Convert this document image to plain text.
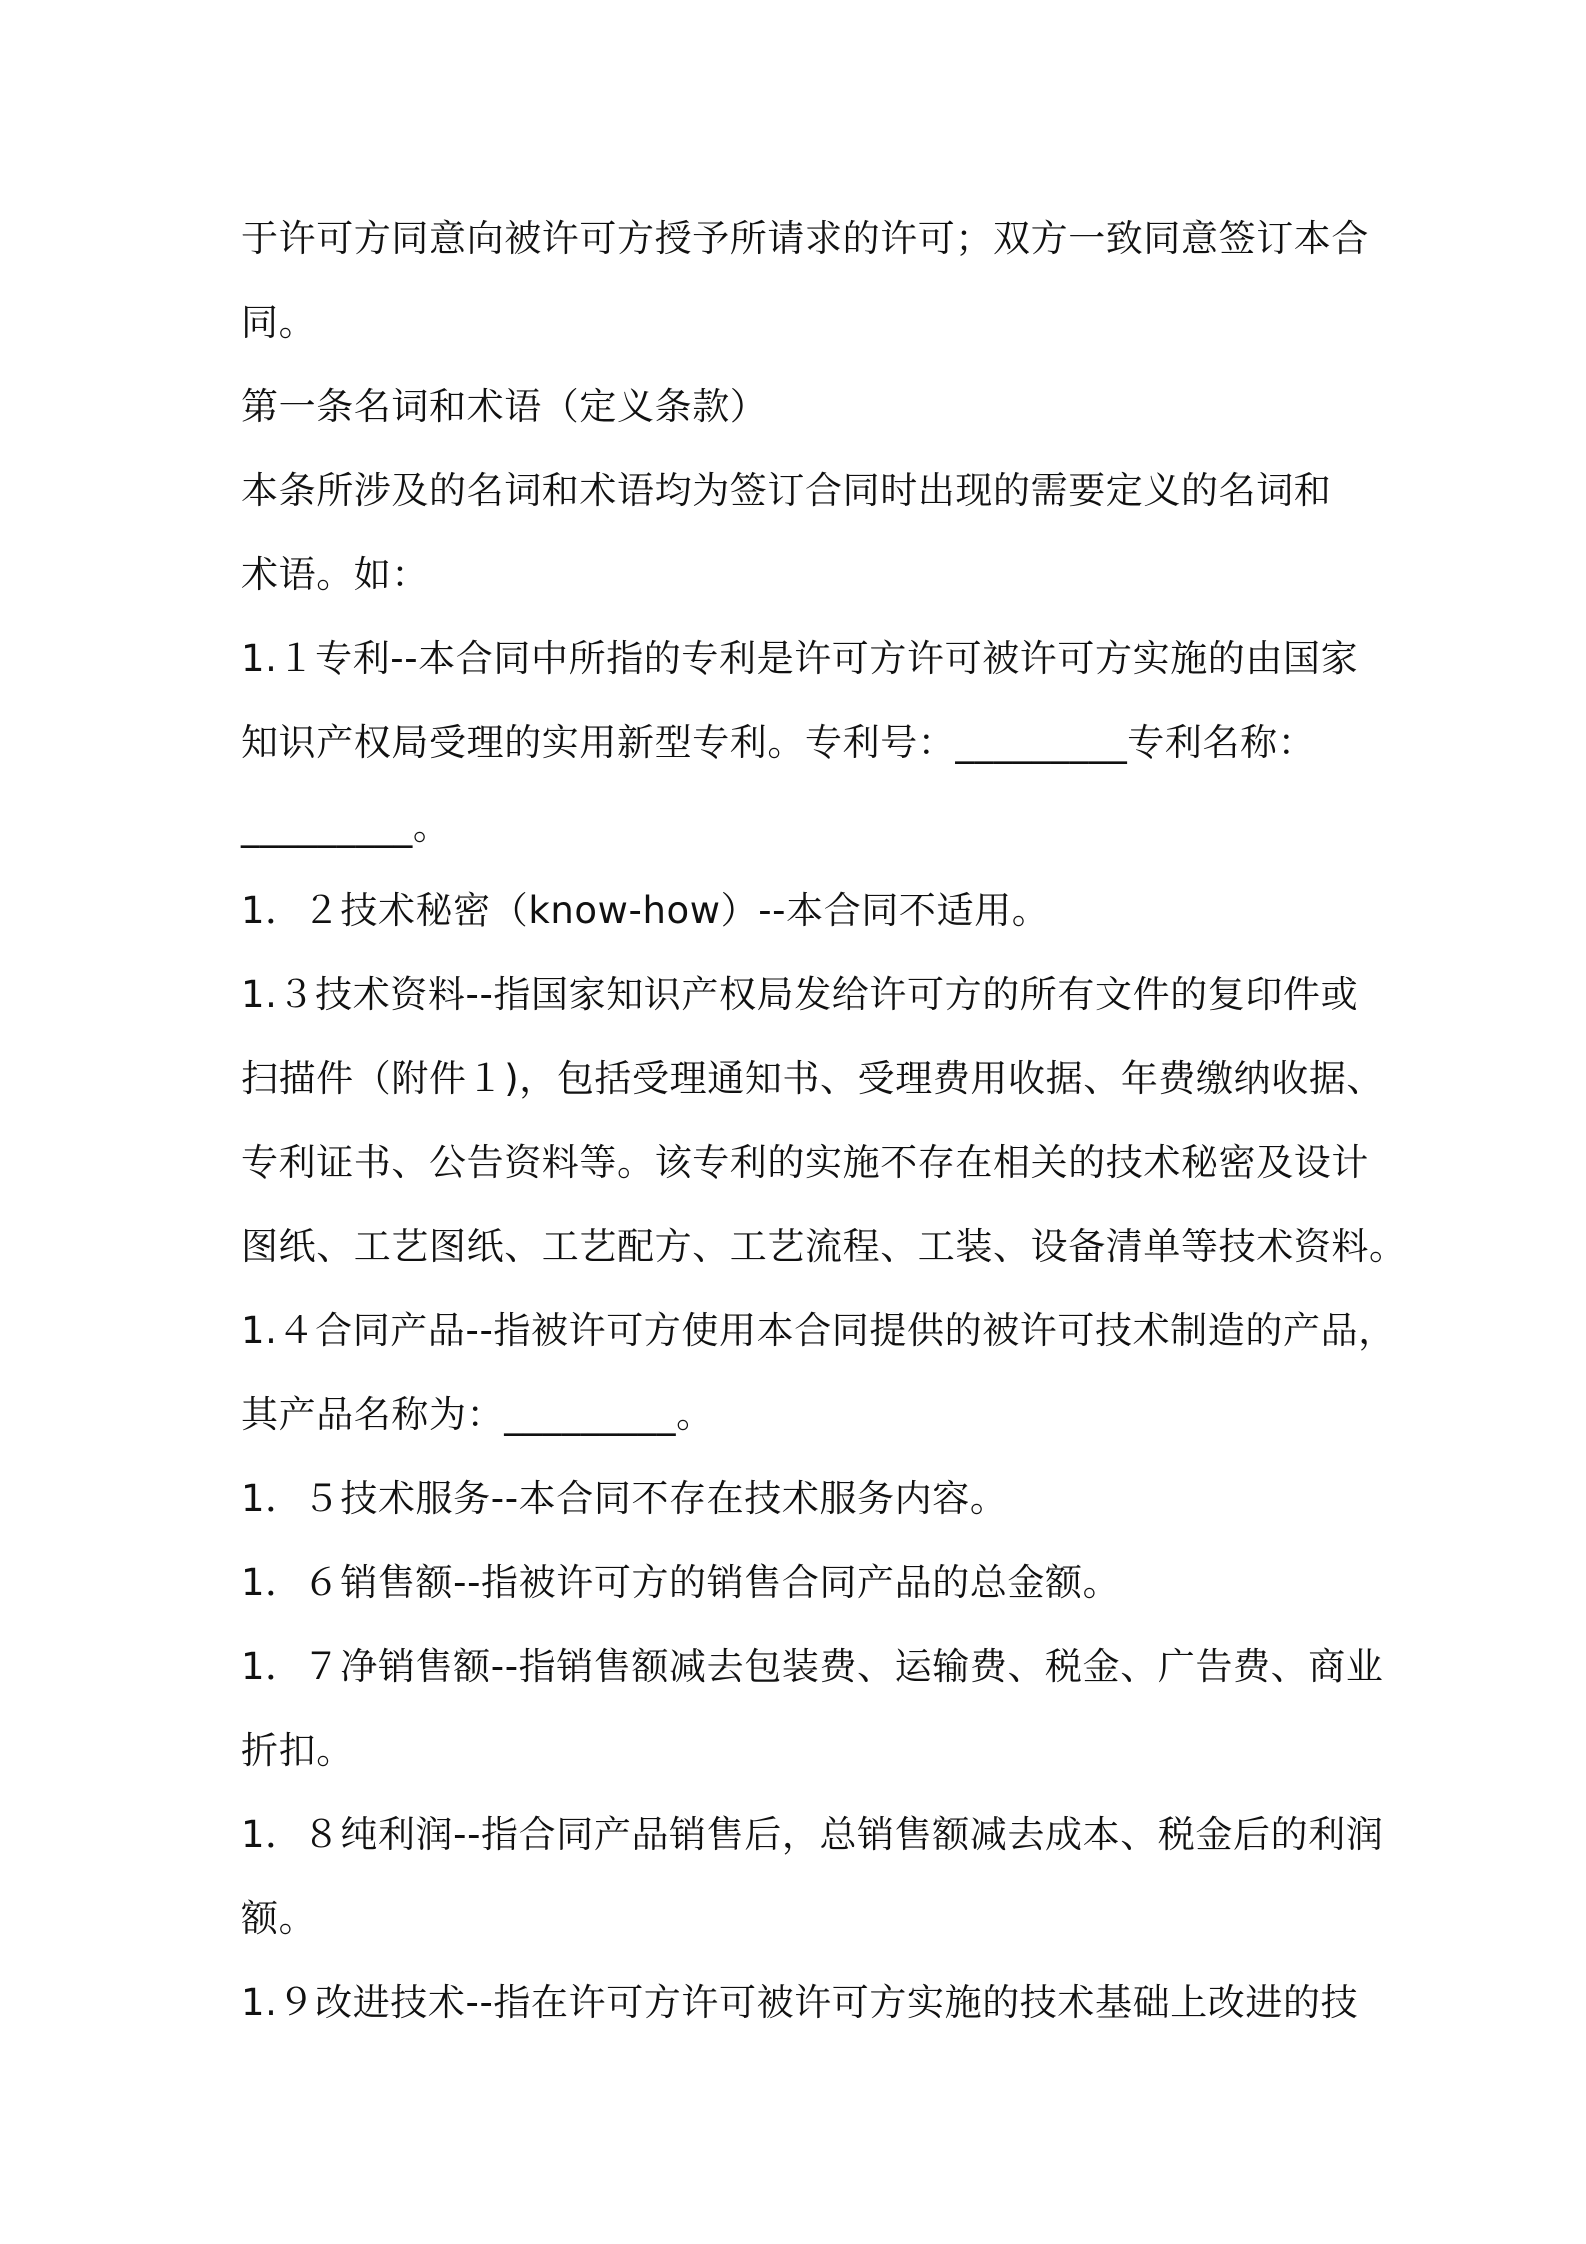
于许可方同意向被许可方授予所请求的许可；双方一致同意签订本合
同。
第一条名词和术语（定义条款）
本条所涉及的名词和术语均为签订合同时出现的需要定义的名词和
术语。如：
1.１专利--本合同中所指的专利是许可方许可被许可方实施的由国家
知识产权局受理的实用新型专利。专利号：_________专利名称：
_________。
1．２技术秘密（know-how）--本合同不适用。
1.３技术资料--指国家知识产权局发给许可方的所有文件的复印件或
扫描件（附件１)，包括受理通知书、受理费用收据、年费缴纳收据、
专利证书、公告资料等。该专利的实施不存在相关的技术秘密及设计
图纸、工艺图纸、工艺配方、工艺流程、工装、设备清单等技术资料。
1.４合同产品--指被许可方使用本合同提供的被许可技术制造的产品，
其产品名称为：_________。
1．５技术服务--本合同不存在技术服务内容。
1．６销售额--指被许可方的销售合同产品的总金额。
1．７净销售额--指销售额减去包装费、运输费、税金、广告费、商业
折扣。
1．８纯利润--指合同产品销售后，总销售额减去成本、税金后的利润
额。
1.９改进技术--指在许可方许可被许可方实施的技术基础上改进的技
